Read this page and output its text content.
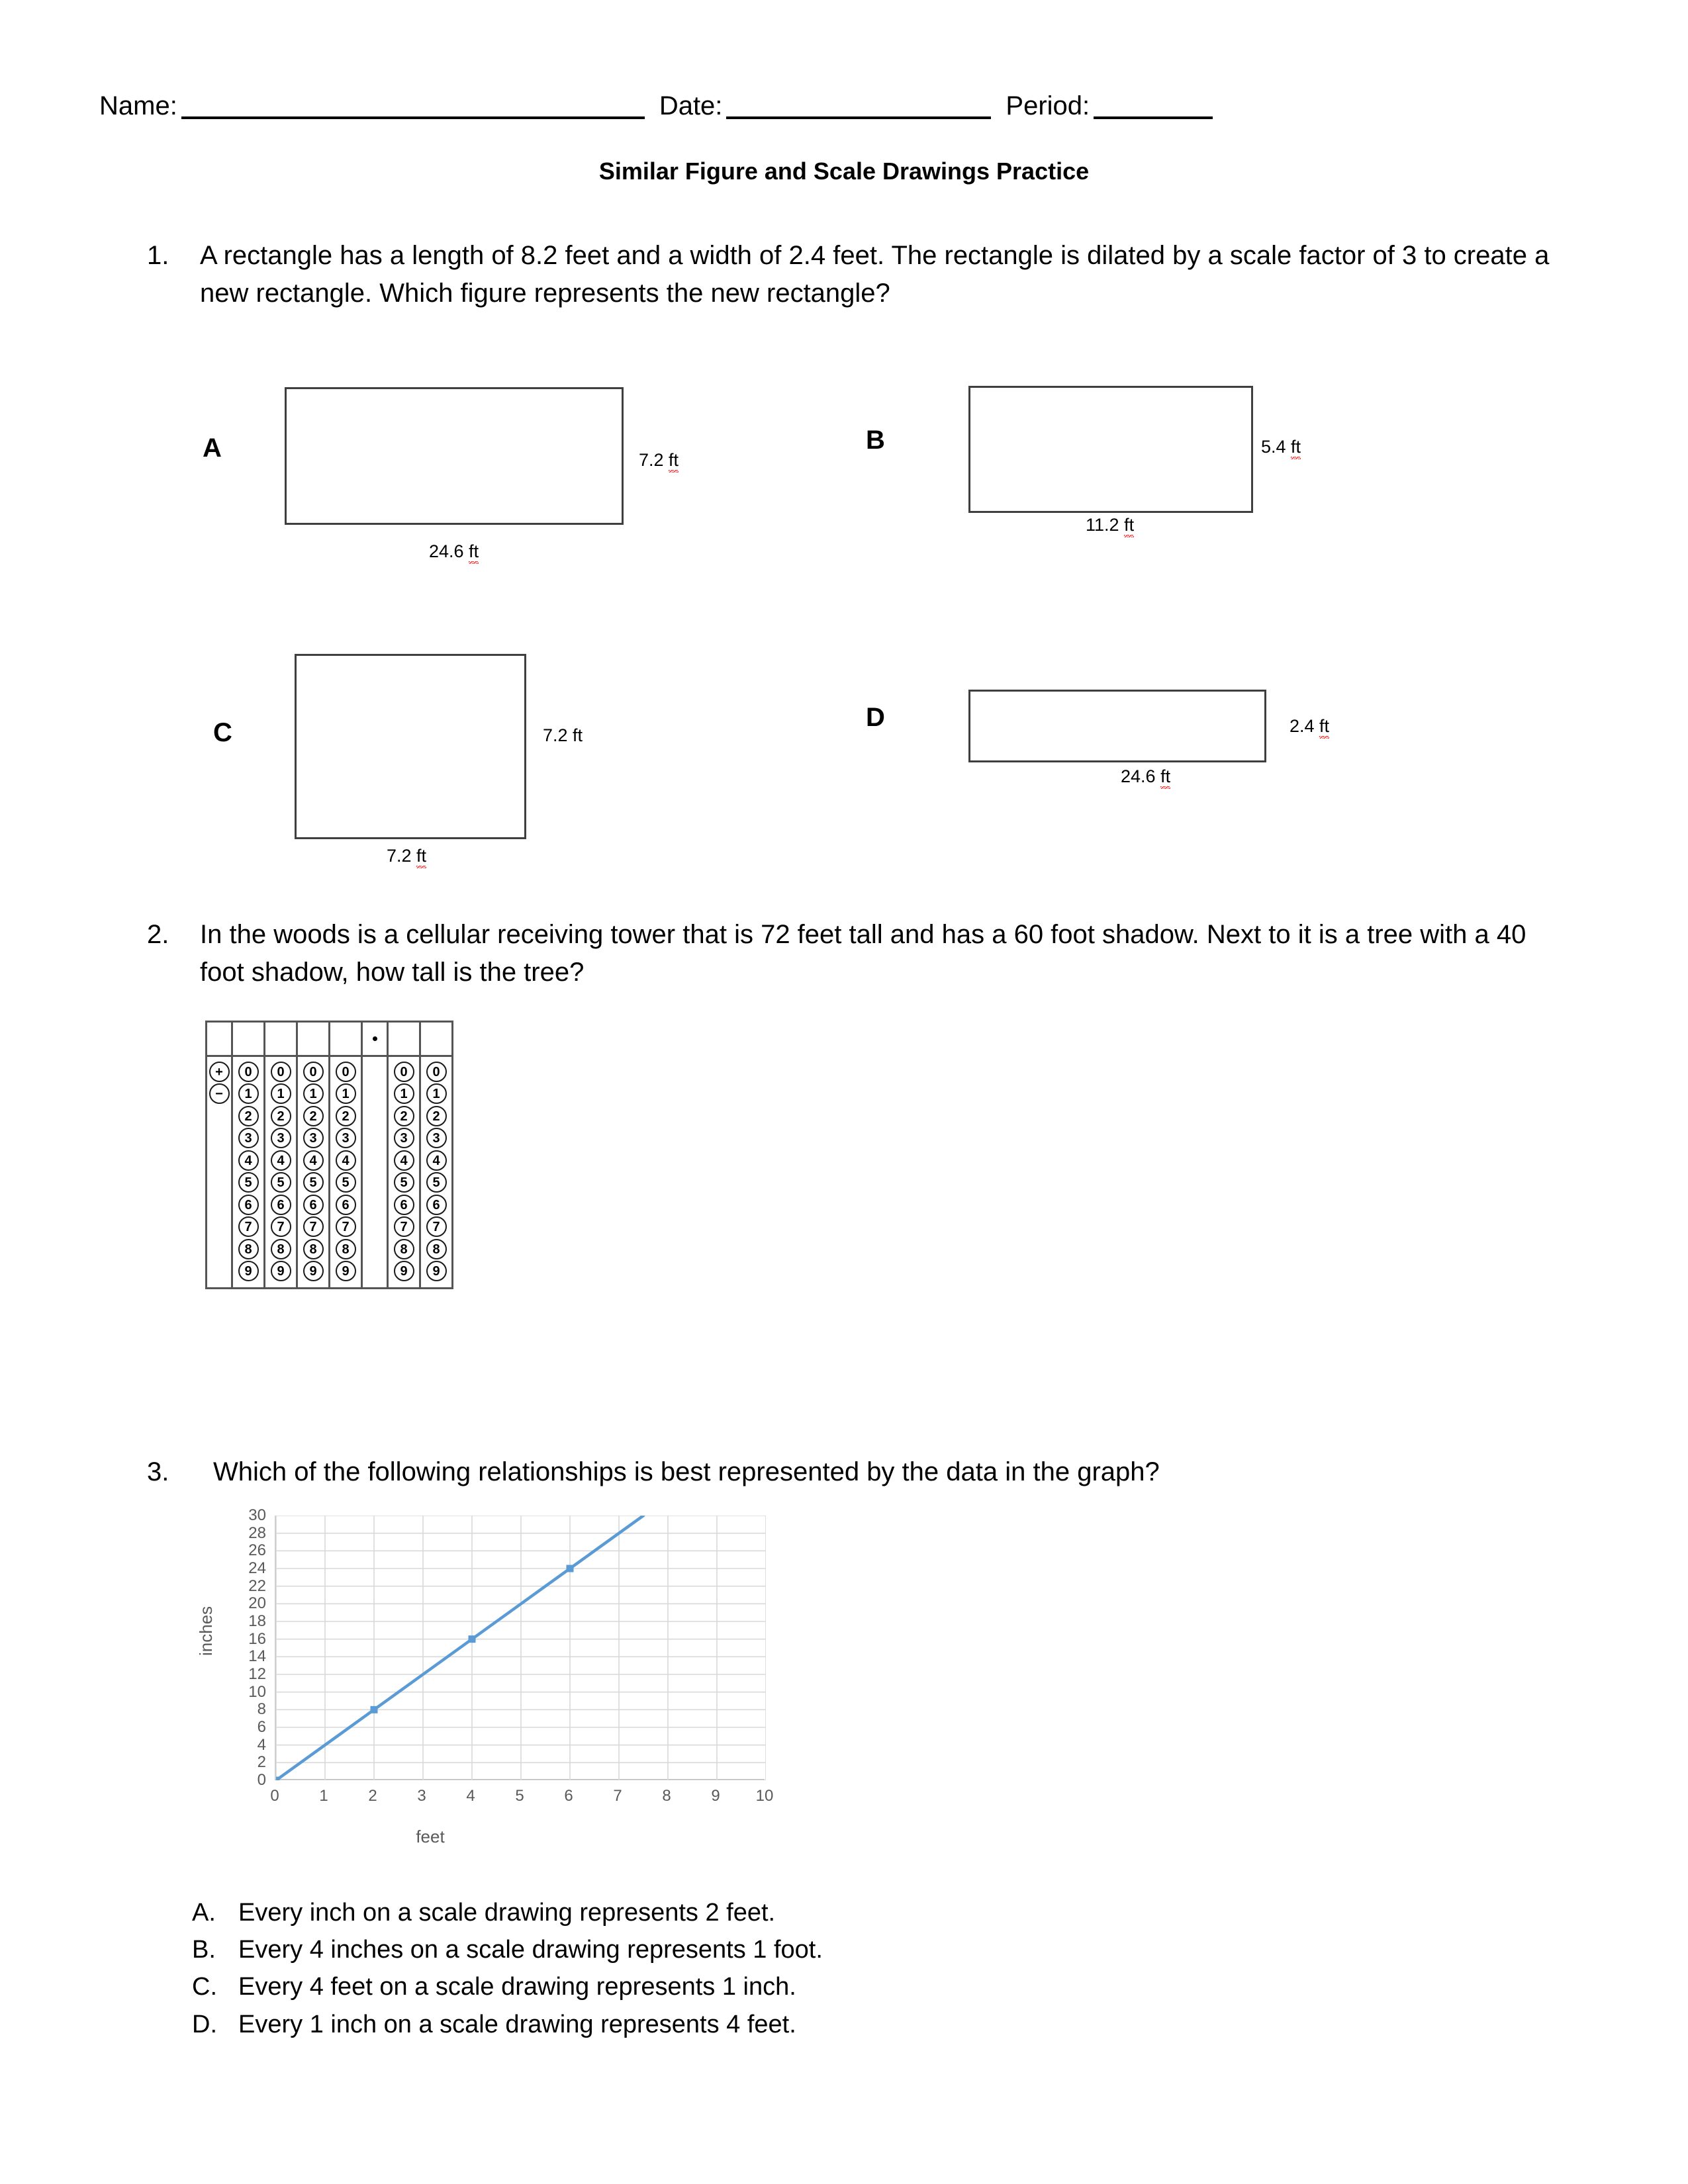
Name:	Date:	Period:
Similar Figure and Scale Drawings Practice
1.	A rectangle has a length of 8.2 feet and a width of 2.4 feet. The rectangle is dilated by a scale factor of 3 to create a new rectangle. Which figure represents the new rectangle?
A
24.6 ft
7.2 ft
B
11.2 ft
5.4 ft
C
7.2 ft
7.2 ft
D
24.6 ft
2.4 ft
2.	In the woods is a cellular receiving tower that is 72 feet tall and has a 60 foot shadow. Next to it is a tree with a 40 foot shadow, how tall is the tree?
+
−

0
1
2
3
4
5
6
7
8
9

0
1
2
3
4
5
6
7
8
9

0
1
2
3
4
5
6
7
8
9

0
1
2
3
4
5
6
7
8
9

0
1
2
3
4
5
6
7
8
9

0
1
2
3
4
5
6
7
8
9
3.	Which of the following relationships is best represented by the data in the graph?
inches
0
2
4
6
8
10
12
14
16
18
20
22
24
26
28
30
0	1	2	3	4	5	6	7	8	9	10
feet
A. Every inch on a scale drawing represents 2 feet.
B. Every 4 inches on a scale drawing represents 1 foot.
C. Every 4 feet on a scale drawing represents 1 inch.
D. Every 1 inch on a scale drawing represents 4 feet.
